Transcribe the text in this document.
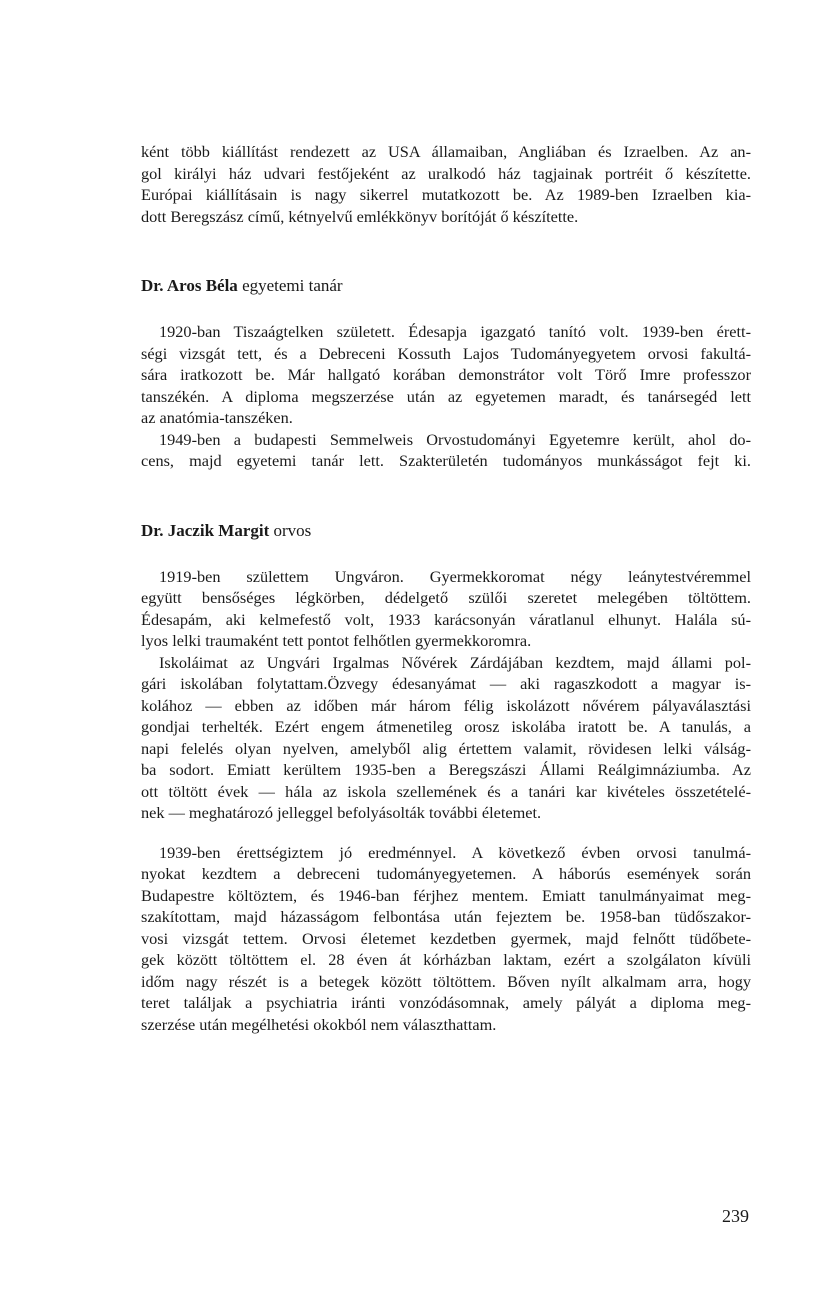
ként több kiállítást rendezett az USA államaiban, Angliában és Izraelben. Az an-
gol királyi ház udvari festőjeként az uralkodó ház tagjainak portréit ő készítette.
Európai kiállításain is nagy sikerrel mutatkozott be. Az 1989-ben Izraelben kia-
dott Beregszász című, kétnyelvű emlékkönyv borítóját ő készítette.
Dr. Aros Béla egyetemi tanár
1920-ban Tiszaágtelken született. Édesapja igazgató tanító volt. 1939-ben érett-
ségi vizsgát tett, és a Debreceni Kossuth Lajos Tudományegyetem orvosi fakultá-
sára iratkozott be. Már hallgató korában demonstrátor volt Törő Imre professzor
tanszékén. A diploma megszerzése után az egyetemen maradt, és tanársegéd lett
az anatómia-tanszéken.
1949-ben a budapesti Semmelweis Orvostudományi Egyetemre került, ahol do-
cens, majd egyetemi tanár lett. Szakterületén tudományos munkásságot fejt ki.
Dr. Jaczik Margit orvos
1919-ben születtem Ungváron. Gyermekkoromat négy leánytestvéremmel
együtt bensőséges légkörben, dédelgető szülői szeretet melegében töltöttem.
Édesapám, aki kelmefestő volt, 1933 karácsonyán váratlanul elhunyt. Halála sú-
lyos lelki traumaként tett pontot felhőtlen gyermekkoromra.
Iskoláimat az Ungvári Irgalmas Nővérek Zárdájában kezdtem, majd állami pol-
gári iskolában folytattam.Özvegy édesanyámat — aki ragaszkodott a magyar is-
kolához — ebben az időben már három félig iskolázott nővérem pályaválasztási
gondjai terhelték. Ezért engem átmenetileg orosz iskolába iratott be. A tanulás, a
napi felelés olyan nyelven, amelyből alig értettem valamit, rövidesen lelki válság-
ba sodort. Emiatt kerültem 1935-ben a Beregszászi Állami Reálgimnáziumba. Az
ott töltött évek — hála az iskola szellemének és a tanári kar kivételes összetételé-
nek — meghatározó jelleggel befolyásolták további életemet.
1939-ben érettségiztem jó eredménnyel. A következő évben orvosi tanulmá-
nyokat kezdtem a debreceni tudományegyetemen. A háborús események során
Budapestre költöztem, és 1946-ban férjhez mentem. Emiatt tanulmányaimat meg-
szakítottam, majd házasságom felbontása után fejeztem be. 1958-ban tüdőszakor-
vosi vizsgát tettem. Orvosi életemet kezdetben gyermek, majd felnőtt tüdőbete-
gek között töltöttem el. 28 éven át kórházban laktam, ezért a szolgálaton kívüli
időm nagy részét is a betegek között töltöttem. Bőven nyílt alkalmam arra, hogy
teret találjak a psychiatria iránti vonzódásomnak, amely pályát a diploma meg-
szerzése után megélhetési okokból nem választhattam.
239
